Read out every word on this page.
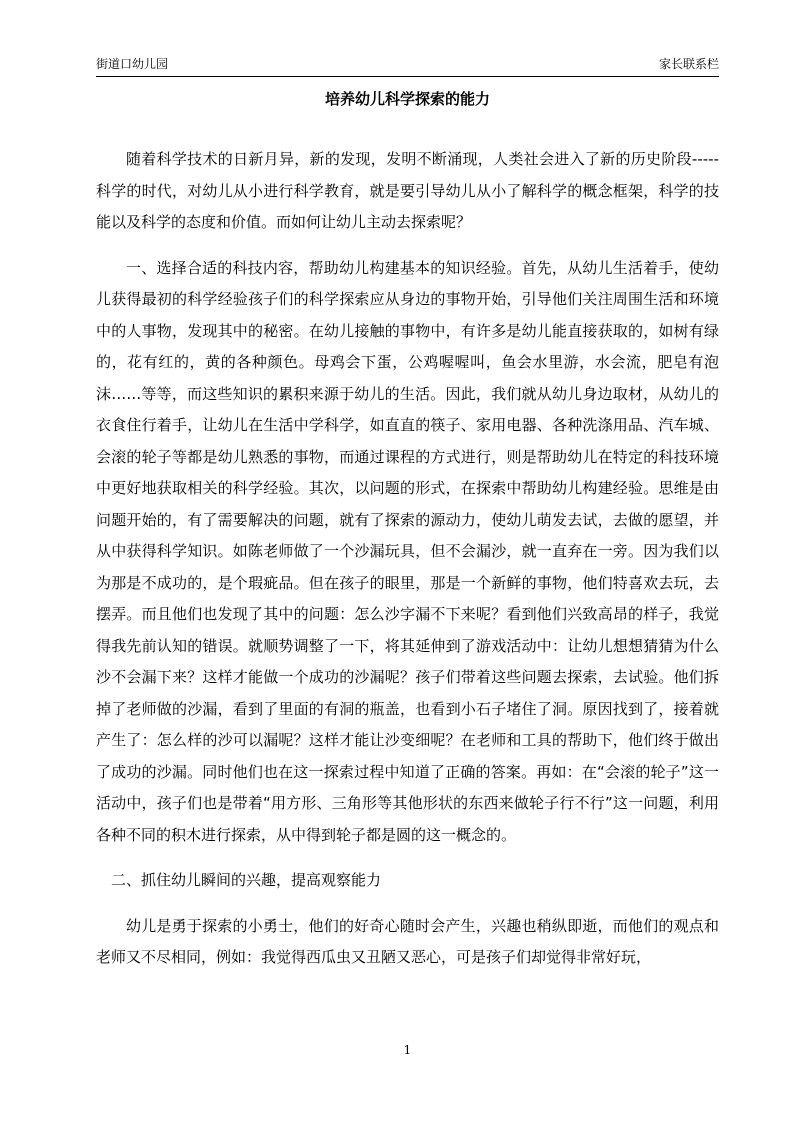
街道口幼儿园	家长联系栏
培养幼儿科学探索的能力

随着科学技术的日新月异，新的发现，发明不断涌现，人类社会进入了新的历史阶段-----科学的时代，对幼儿从小进行科学教育，就是要引导幼儿从小了解科学的概念框架，科学的技能以及科学的态度和价值。而如何让幼儿主动去探索呢？

一、选择合适的科技内容，帮助幼儿构建基本的知识经验。首先，从幼儿生活着手，使幼儿获得最初的科学经验孩子们的科学探索应从身边的事物开始，引导他们关注周围生活和环境中的人事物，发现其中的秘密。在幼儿接触的事物中，有许多是幼儿能直接获取的，如树有绿的，花有红的，黄的各种颜色。母鸡会下蛋，公鸡喔喔叫，鱼会水里游，水会流，肥皂有泡沫……等等，而这些知识的累积来源于幼儿的生活。因此，我们就从幼儿身边取材，从幼儿的衣食住行着手，让幼儿在生活中学科学，如直直的筷子、家用电器、各种洗涤用品、汽车城、会滚的轮子等都是幼儿熟悉的事物，而通过课程的方式进行，则是帮助幼儿在特定的科技环境中更好地获取相关的科学经验。其次，以问题的形式，在探索中帮助幼儿构建经验。思维是由问题开始的，有了需要解决的问题，就有了探索的源动力，使幼儿萌发去试，去做的愿望，并从中获得科学知识。如陈老师做了一个沙漏玩具，但不会漏沙，就一直弃在一旁。因为我们以为那是不成功的，是个瑕疵品。但在孩子的眼里，那是一个新鲜的事物，他们特喜欢去玩，去摆弄。而且他们也发现了其中的问题：怎么沙字漏不下来呢？看到他们兴致高昂的样子，我觉得我先前认知的错误。就顺势调整了一下，将其延伸到了游戏活动中：让幼儿想想猜猜为什么沙不会漏下来？这样才能做一个成功的沙漏呢？孩子们带着这些问题去探索，去试验。他们拆掉了老师做的沙漏，看到了里面的有洞的瓶盖，也看到小石子堵住了洞。原因找到了，接着就产生了：怎么样的沙可以漏呢？这样才能让沙变细呢？在老师和工具的帮助下，他们终于做出了成功的沙漏。同时他们也在这一探索过程中知道了正确的答案。再如：在“会滚的轮子”这一活动中，孩子们也是带着“用方形、三角形等其他形状的东西来做轮子行不行”这一问题，利用各种不同的积木进行探索，从中得到轮子都是圆的这一概念的。

二、抓住幼儿瞬间的兴趣，提高观察能力

幼儿是勇于探索的小勇士，他们的好奇心随时会产生，兴趣也稍纵即逝，而他们的观点和老师又不尽相同，例如：我觉得西瓜虫又丑陋又恶心，可是孩子们却觉得非常好玩，

1
